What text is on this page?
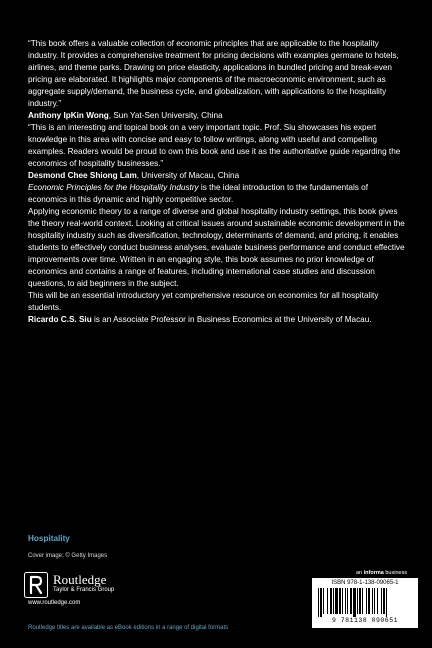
“This book offers a valuable collection of economic principles that are applicable to the hospitality industry. It provides a comprehensive treatment for pricing decisions with examples germane to hotels, airlines, and theme parks. Drawing on price elasticity, applications in bundled pricing and break-even pricing are elaborated. It highlights major components of the macroeconomic environment, such as aggregate supply/demand, the business cycle, and globalization, with applications to the hospitality industry.”

Anthony IpKin Wong, Sun Yat-Sen University, China

“This is an interesting and topical book on a very important topic. Prof. Siu showcases his expert knowledge in this area with concise and easy to follow writings, along with useful and compelling examples. Readers would be proud to own this book and use it as the authoritative guide regarding the economics of hospitality businesses.”

Desmond Chee Shiong Lam, University of Macau, China

Economic Principles for the Hospitality Industry is the ideal introduction to the fundamentals of economics in this dynamic and highly competitive sector.

Applying economic theory to a range of diverse and global hospitality industry settings, this book gives the theory real-world context. Looking at critical issues around sustainable economic development in the hospitality industry such as diversification, technology, determinants of demand, and pricing, it enables students to effectively conduct business analyses, evaluate business performance and conduct effective improvements over time. Written in an engaging style, this book assumes no prior knowledge of economics and contains a range of features, including international case studies and discussion questions, to aid beginners in the subject.

This will be an essential introductory yet comprehensive resource on economics for all hospitality students.

Ricardo C.S. Siu is an Associate Professor in Business Economics at the University of Macau.

Hospitality
Cover image: © Getty Images
Routledge
Taylor & Francis Group
www.routledge.com
an informa business
ISBN 978-1-138-09065-1
9 781138 090651
Routledge titles are available as eBook editions in a range of digital formats
